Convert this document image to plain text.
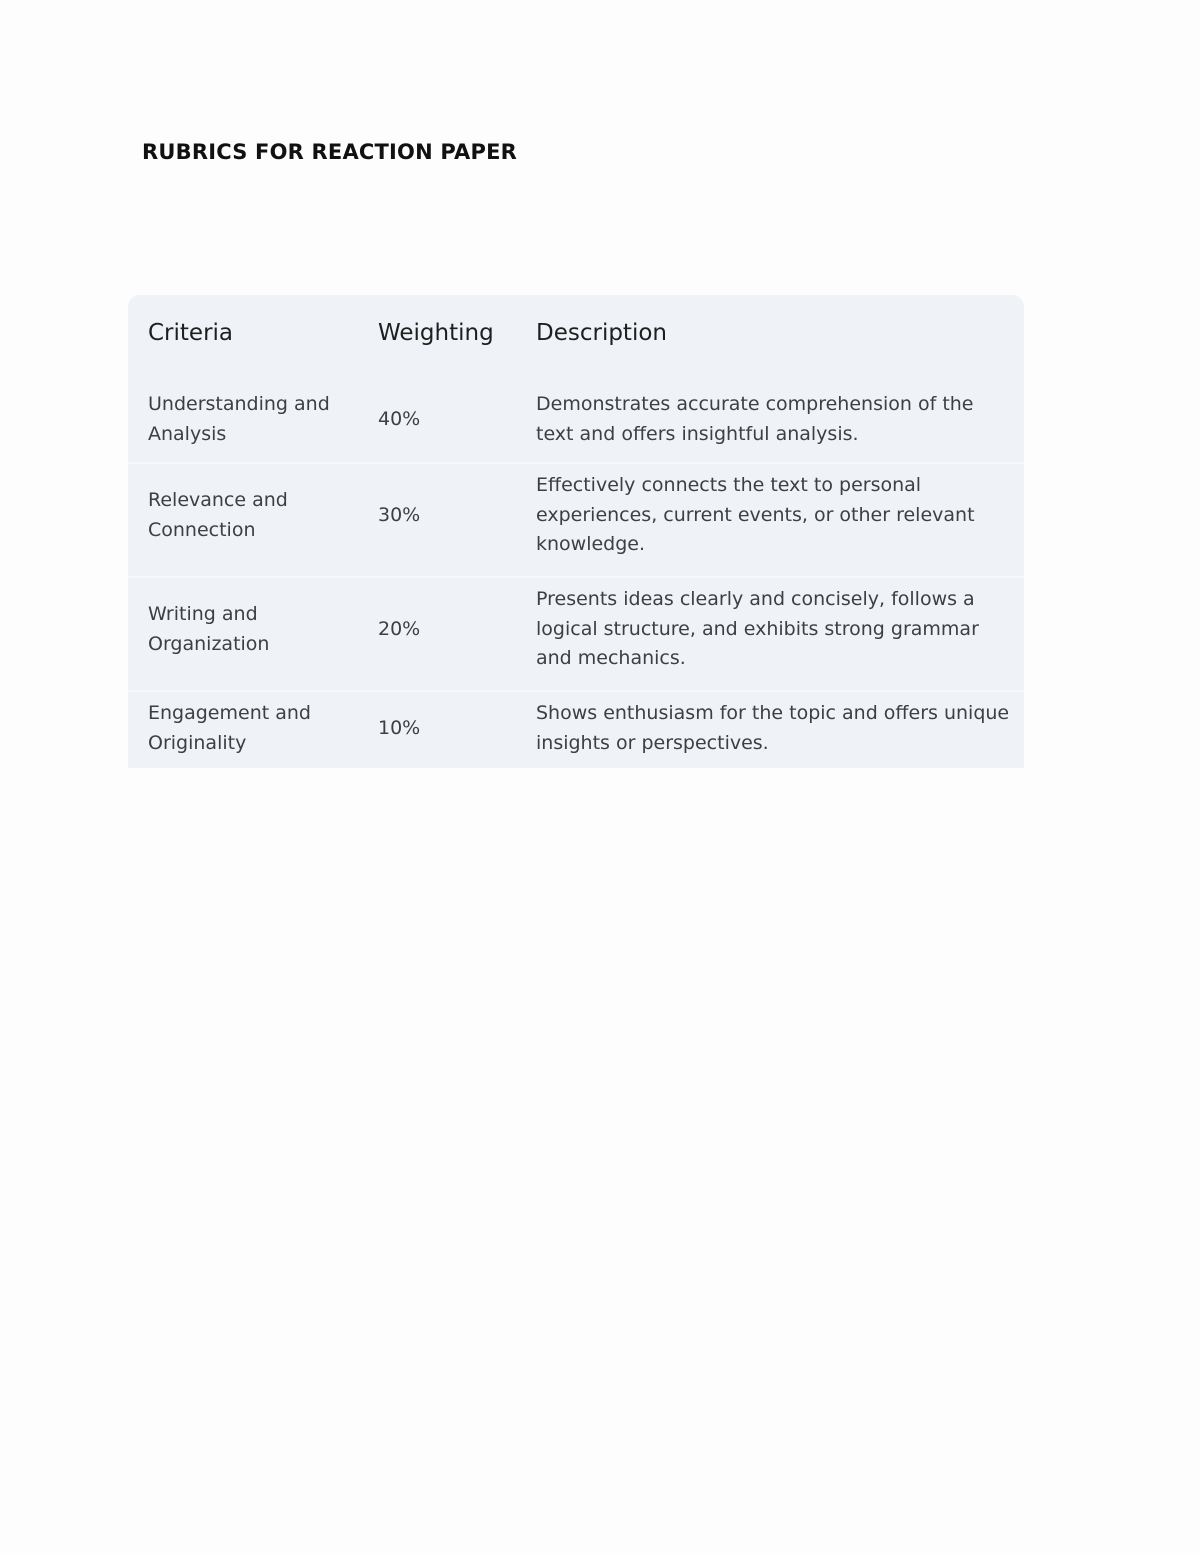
RUBRICS FOR REACTION PAPER
Criteria	Weighting	Description
Understanding and Analysis
40%
Demonstrates accurate comprehension of the text and offers insightful analysis.
Relevance and Connection
30%
Effectively connects the text to personal experiences, current events, or other relevant knowledge.
Writing and Organization
20%
Presents ideas clearly and concisely, follows a logical structure, and exhibits strong grammar and mechanics.
Engagement and Originality
10%
Shows enthusiasm for the topic and offers unique insights or perspectives.
